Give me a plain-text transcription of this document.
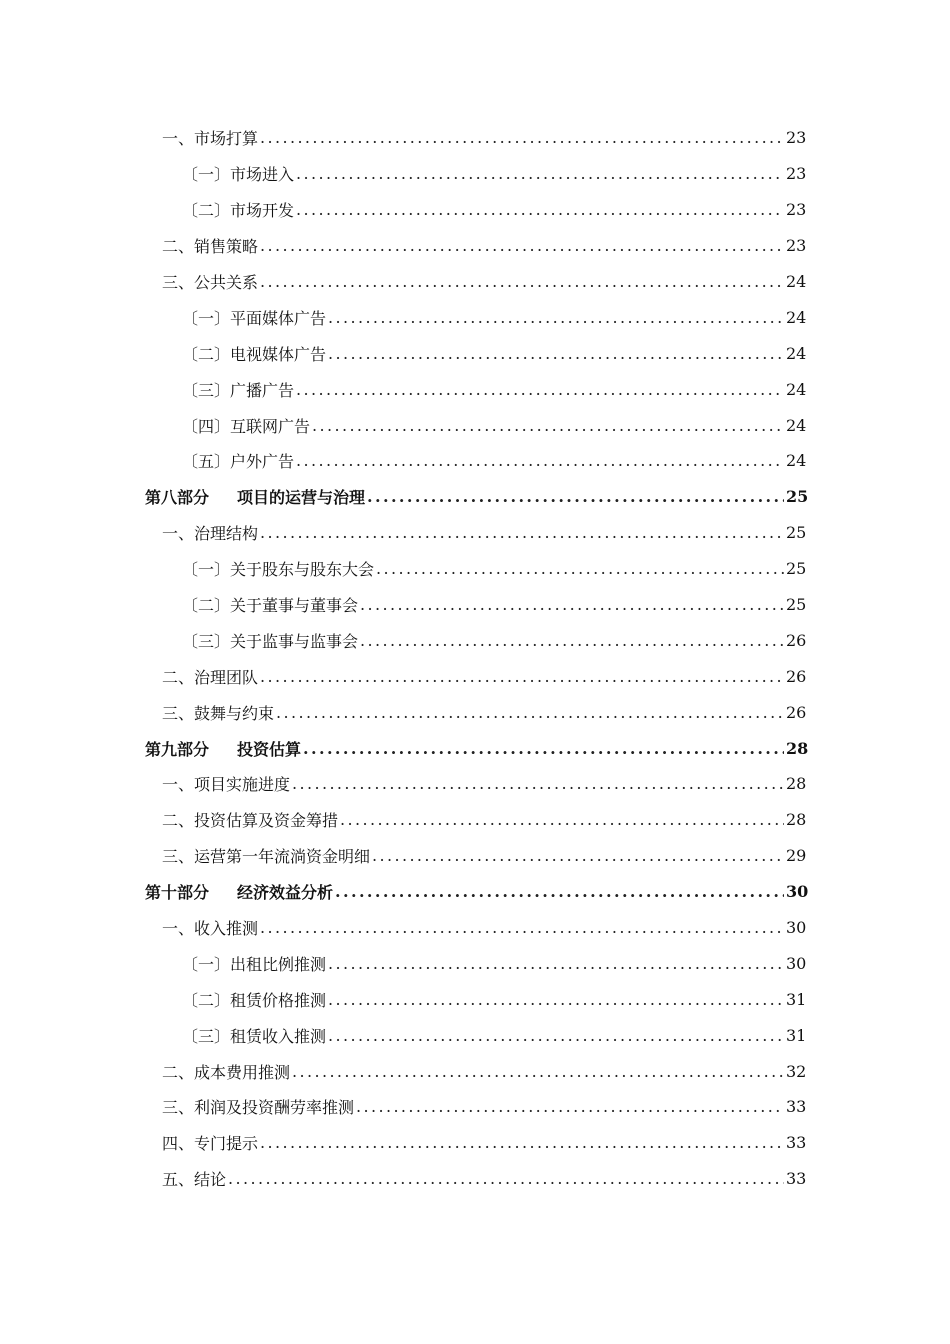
一、市场打算 .....	23
〔一〕市场进入 .....	23
〔二〕市场开发 .....	23
二、销售策略 .....	23
三、公共关系 .....	24
〔一〕平面媒体广告 .....	24
〔二〕电视媒体广告 .....	24
〔三〕广播广告 .....	24
〔四〕互联网广告 .....	24
〔五〕户外广告 .....	24
第八部分 项目的运营与治理 .....	25
一、治理结构 .....	25
〔一〕关于股东与股东大会 .....	25
〔二〕关于董事与董事会 .....	25
〔三〕关于监事与监事会 .....	26
二、治理团队 .....	26
三、鼓舞与约束 .....	26
第九部分 投资估算 .....	28
一、项目实施进度 .....	28
二、投资估算及资金筹措 .....	28
三、运营第一年流淌资金明细 .....	29
第十部分 经济效益分析 .....	30
一、收入推测 .....	30
〔一〕出租比例推测 .....	30
〔二〕租赁价格推测 .....	31
〔三〕租赁收入推测 .....	31
二、成本费用推测 .....	32
三、利润及投资酬劳率推测 .....	33
四、专门提示 .....	33
五、结论 .....	33
